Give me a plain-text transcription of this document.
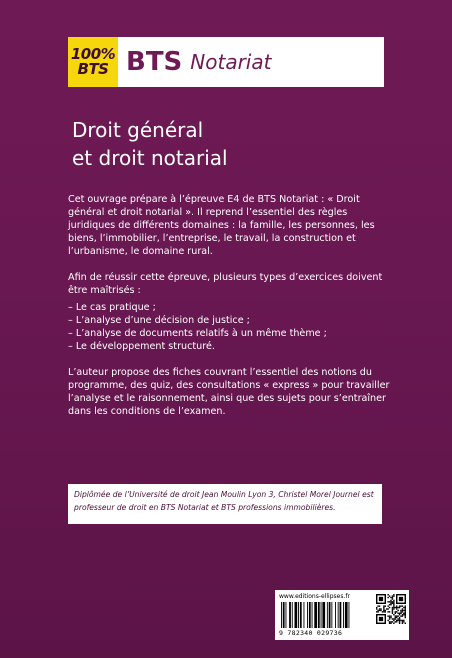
100%
BTS BTS Notariat
Droit général
et droit notarial

Cet ouvrage prépare à l’épreuve E4 de BTS Notariat : « Droit général et droit notarial ». Il reprend l’essentiel des règles juridiques de différents domaines : la famille, les personnes, les biens, l’immobilier, l’entreprise, le travail, la construction et l’urbanisme, le domaine rural.

Afin de réussir cette épreuve, plusieurs types d’exercices doivent être maîtrisés :

– Le cas pratique ;
– L’analyse d’une décision de justice ;
– L’analyse de documents relatifs à un même thème ;
– Le développement structuré.

L’auteur propose des fiches couvrant l’essentiel des notions du programme, des quiz, des consultations « express » pour travailler l’analyse et le raisonnement, ainsi que des sujets pour s’entraîner dans les conditions de l’examen.

Diplômée de l’Université de droit Jean Moulin Lyon 3, Christel Morel Journel est professeur de droit en BTS Notariat et BTS professions immobilières.
www.editions-ellipses.fr
9 782340 029736
